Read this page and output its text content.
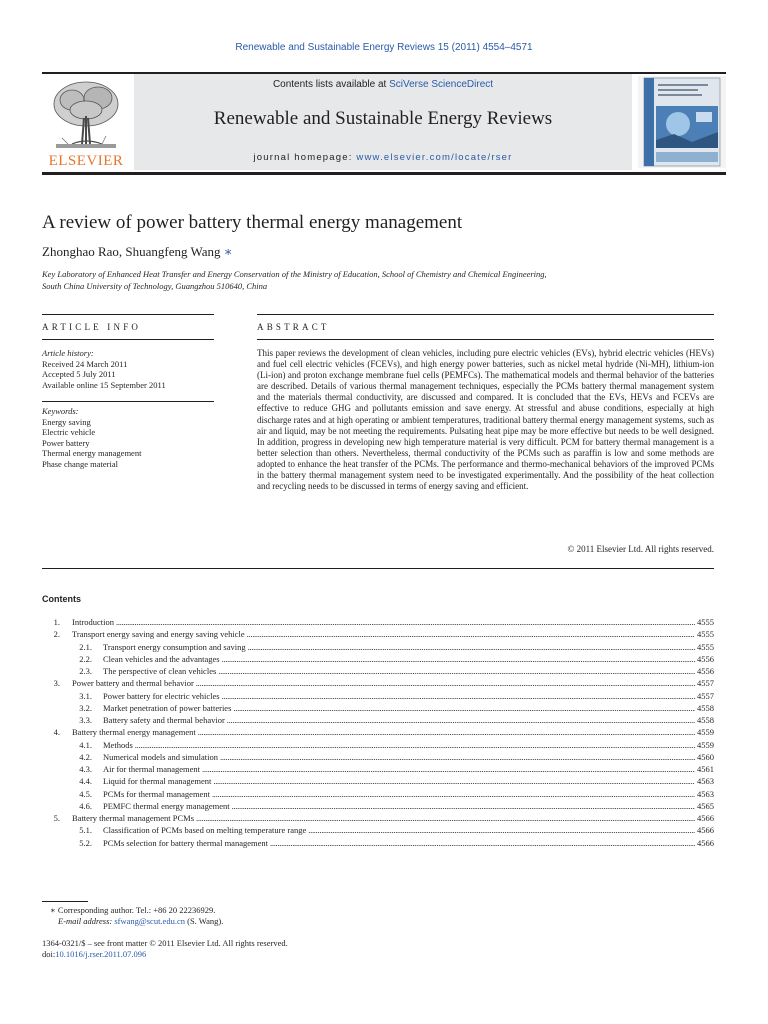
Renewable and Sustainable Energy Reviews 15 (2011) 4554–4571
ELSEVIER
Contents lists available at SciVerse ScienceDirect
Renewable and Sustainable Energy Reviews
journal homepage: www.elsevier.com/locate/rser
A review of power battery thermal energy management
Zhonghao Rao, Shuangfeng Wang ∗
Key Laboratory of Enhanced Heat Transfer and Energy Conservation of the Ministry of Education, School of Chemistry and Chemical Engineering,
South China University of Technology, Guangzhou 510640, China
ARTICLE INFO	ABSTRACT
Article history:
Received 24 March 2011
Accepted 5 July 2011
Available online 15 September 2011
Keywords:
Energy saving
Electric vehicle
Power battery
Thermal energy management
Phase change material
This paper reviews the development of clean vehicles, including pure electric vehicles (EVs), hybrid electric vehicles (HEVs) and fuel cell electric vehicles (FCEVs), and high energy power batteries, such as nickel metal hydride (Ni-MH), lithium-ion (Li-ion) and proton exchange membrane fuel cells (PEMFCs). The mathematical models and thermal behavior of the batteries are described. Details of various thermal management techniques, especially the PCMs battery thermal management system and the materials thermal conductivity, are discussed and compared. It is concluded that the EVs, HEVs and FCEVs are effective to reduce GHG and pollutants emission and save energy. At stressful and abuse conditions, especially at high discharge rates and at high operating or ambient temperatures, traditional battery thermal energy management systems, such as air and liquid, may be not meeting the requirements. Pulsating heat pipe may be more effective but needs to be well designed. In addition, progress in developing new high temperature material is very difficult. PCM for battery thermal management is a better selection than others. Nevertheless, thermal conductivity of the PCMs such as paraffin is low and some methods are adopted to enhance the heat transfer of the PCMs. The performance and thermo-mechanical behaviors of the improved PCMs in the battery thermal management system need to be investigated experimentally. And the possibility of the heat collection and recycling needs to be discussed in terms of energy saving and efficient.
© 2011 Elsevier Ltd. All rights reserved.
Contents
1. Introduction . . .	4555
2. Transport energy saving and energy saving vehicle . . .	4555
2.1. Transport energy consumption and saving . . .	4555
2.2. Clean vehicles and the advantages . . .	4556
2.3. The perspective of clean vehicles . . .	4556
3. Power battery and thermal behavior . . .	4557
3.1. Power battery for electric vehicles . . .	4557
3.2. Market penetration of power batteries . . .	4558
3.3. Battery safety and thermal behavior . . .	4558
4. Battery thermal energy management . . .	4559
4.1. Methods . . .	4559
4.2. Numerical models and simulation . . .	4560
4.3. Air for thermal management . . .	4561
4.4. Liquid for thermal management . . .	4563
4.5. PCMs for thermal management . . .	4563
4.6. PEMFC thermal energy management . . .	4565
5. Battery thermal management PCMs . . .	4566
5.1. Classification of PCMs based on melting temperature range . . .	4566
5.2. PCMs selection for battery thermal management . . .	4566
∗ Corresponding author. Tel.: +86 20 22236929.
E-mail address: sfwang@scut.edu.cn (S. Wang).
1364-0321/$ – see front matter © 2011 Elsevier Ltd. All rights reserved.
doi:10.1016/j.rser.2011.07.096
